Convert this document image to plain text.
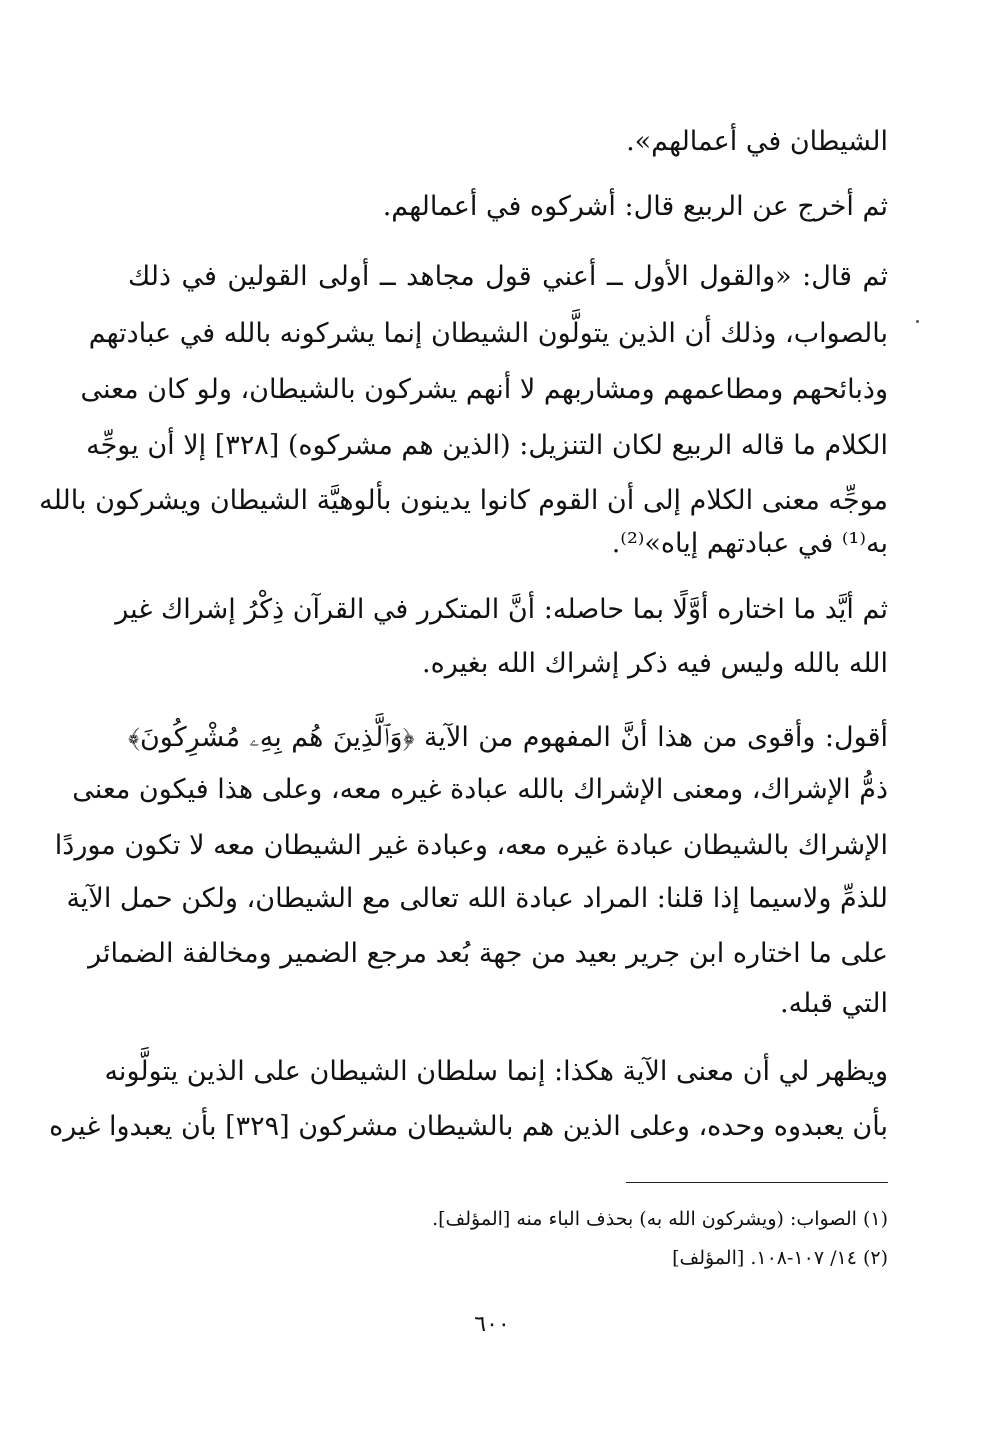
الشيطان في أعمالهم».
ثم أخرج عن الربيع قال: أشركوه في أعمالهم.
ثم قال: «والقول الأول ــ أعني قول مجاهد ــ أولى القولين في ذلك
بالصواب، وذلك أن الذين يتولَّون الشيطان إنما يشركونه بالله في عبادتهم
وذبائحهم ومطاعمهم ومشاربهم لا أنهم يشركون بالشيطان، ولو كان معنى
الكلام ما قاله الربيع لكان التنزيل: (الذين هم مشركوه) [٣٢٨] إلا أن يوجِّه
موجِّه معنى الكلام إلى أن القوم كانوا يدينون بألوهيَّة الشيطان ويشركون بالله
به⁽¹⁾ في عبادتهم إياه»⁽²⁾.
ثم أيَّد ما اختاره أوَّلًا بما حاصله: أنَّ المتكرر في القرآن ذِكْرُ إشراك غير
الله بالله وليس فيه ذكر إشراك الله بغيره.
أقول: وأقوى من هذا أنَّ المفهوم من الآية ﴿وَٱلَّذِينَ هُم بِهِۦ مُشْرِكُونَ﴾
ذمُّ الإشراك، ومعنى الإشراك بالله عبادة غيره معه، وعلى هذا فيكون معنى
الإشراك بالشيطان عبادة غيره معه، وعبادة غير الشيطان معه لا تكون موردًا
للذمِّ ولاسيما إذا قلنا: المراد عبادة الله تعالى مع الشيطان، ولكن حمل الآية
على ما اختاره ابن جرير بعيد من جهة بُعد مرجع الضمير ومخالفة الضمائر
التي قبله.
ويظهر لي أن معنى الآية هكذا: إنما سلطان الشيطان على الذين يتولَّونه
بأن يعبدوه وحده، وعلى الذين هم بالشيطان مشركون [٣٢٩] بأن يعبدوا غيره
(١) الصواب: (ويشركون الله به) بحذف الباء منه [المؤلف].
(٢) ١٤/ ١٠٧-١٠٨. [المؤلف]
٦٠٠
